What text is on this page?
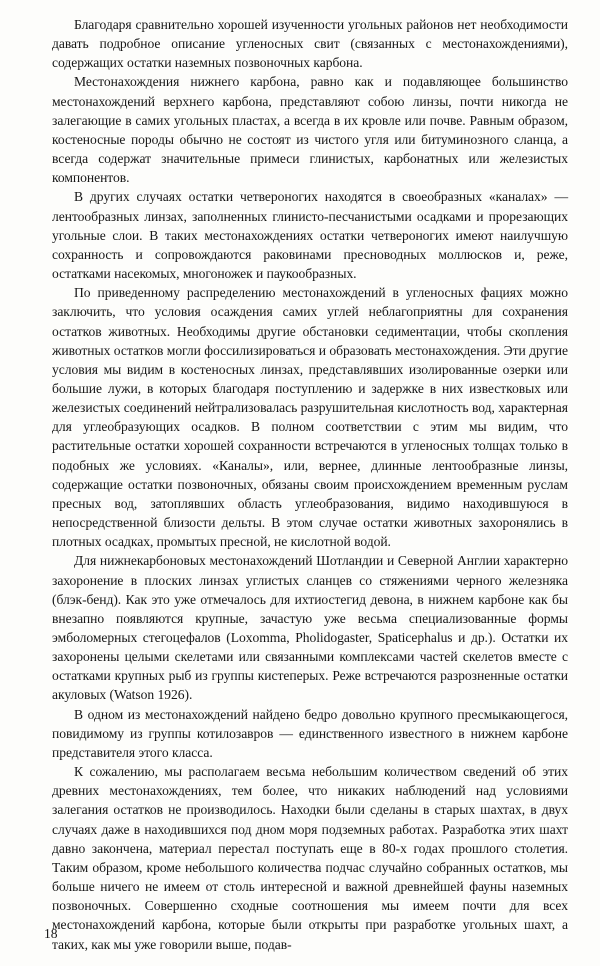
Благодаря сравнительно хорошей изученности угольных районов нет необходимости давать подробное описание угленосных свит (связанных с местонахождениями), содержащих остатки наземных позвоночных карбона.

Местонахождения нижнего карбона, равно как и подавляющее большинство местонахождений верхнего карбона, представляют собою линзы, почти никогда не залегающие в самих угольных пластах, а всегда в их кровле или почве. Равным образом, костеносные породы обычно не состоят из чистого угля или битуминозного сланца, а всегда содержат значительные примеси глинистых, карбонатных или железистых компонентов.

В других случаях остатки четвероногих находятся в своеобразных «каналах» — лентообразных линзах, заполненных глинисто-песчанистыми осадками и прорезающих угольные слои. В таких местонахождениях остатки четвероногих имеют наилучшую сохранность и сопровождаются раковинами пресноводных моллюсков и, реже, остатками насекомых, многоножек и паукообразных.

По приведенному распределению местонахождений в угленосных фациях можно заключить, что условия осаждения самих углей неблагоприятны для сохранения остатков животных. Необходимы другие обстановки седиментации, чтобы скопления животных остатков могли фоссилизироваться и образовать местонахождения. Эти другие условия мы видим в костеносных линзах, представлявших изолированные озерки или большие лужи, в которых благодаря поступлению и задержке в них известковых или железистых соединений нейтрализовалась разрушительная кислотность вод, характерная для углеобразующих осадков. В полном соответствии с этим мы видим, что растительные остатки хорошей сохранности встречаются в угленосных толщах только в подобных же условиях. «Каналы», или, вернее, длинные лентообразные линзы, содержащие остатки позвоночных, обязаны своим происхождением временным руслам пресных вод, затоплявших область углеобразования, видимо находившуюся в непосредственной близости дельты. В этом случае остатки животных захоронялись в плотных осадках, промытых пресной, не кислотной водой.

Для нижнекарбоновых местонахождений Шотландии и Северной Англии характерно захоронение в плоских линзах углистых сланцев со стяжениями черного железняка (блэк-бенд). Как это уже отмечалось для ихтиостегид девона, в нижнем карбоне как бы внезапно появляются крупные, зачастую уже весьма специализованные формы эмболомерных стегоцефалов (Loxomma, Pholidogaster, Spaticephalus и др.). Остатки их захоронены целыми скелетами или связанными комплексами частей скелетов вместе с остатками крупных рыб из группы кистеперых. Реже встречаются разрозненные остатки акуловых (Watson 1926).

В одном из местонахождений найдено бедро довольно крупного пресмыкающегося, повидимому из группы котилозавров — единственного известного в нижнем карбоне представителя этого класса.

К сожалению, мы располагаем весьма небольшим количеством сведений об этих древних местонахождениях, тем более, что никаких наблюдений над условиями залегания остатков не производилось. Находки были сделаны в старых шахтах, в двух случаях даже в находившихся под дном моря подземных работах. Разработка этих шахт давно закончена, материал перестал поступать еще в 80-х годах прошлого столетия. Таким образом, кроме небольшого количества подчас случайно собранных остатков, мы больше ничего не имеем от столь интересной и важной древнейшей фауны наземных позвоночных. Совершенно сходные соотношения мы имеем почти для всех местонахождений карбона, которые были открыты при разработке угольных шахт, а таких, как мы уже говорили выше, подав-

18
